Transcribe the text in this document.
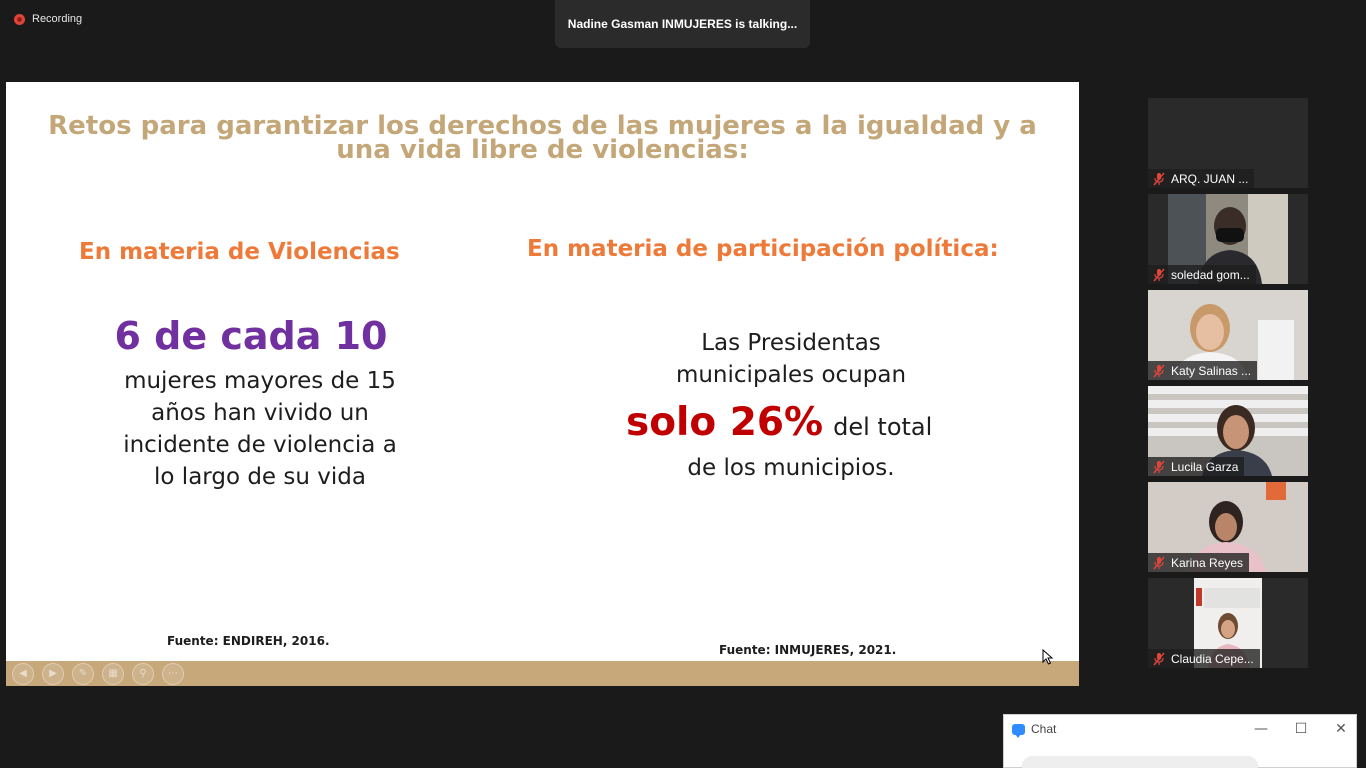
Recording	Nadine Gasman INMUJERES is talking...
Retos para garantizar los derechos de las mujeres a la igualdad y a
una vida libre de violencias:
En materia de Violencias	En materia de participación política:
6 de cada 10
mujeres mayores de 15
años han vivido un
incidente de violencia a
lo largo de su vida
Las Presidentas
municipales ocupan
solo 26% del total
de los municipios.
Fuente: ENDIREH, 2016.
Fuente: INMUJERES, 2021.
◀	▶	✎	▦	⚲	⋯
ARQ. JUAN ...
soledad gom...
Katy Salinas ...
Lucila Garza
Karina Reyes
Claudia Cepe...
Chat	— ☐ ✕
